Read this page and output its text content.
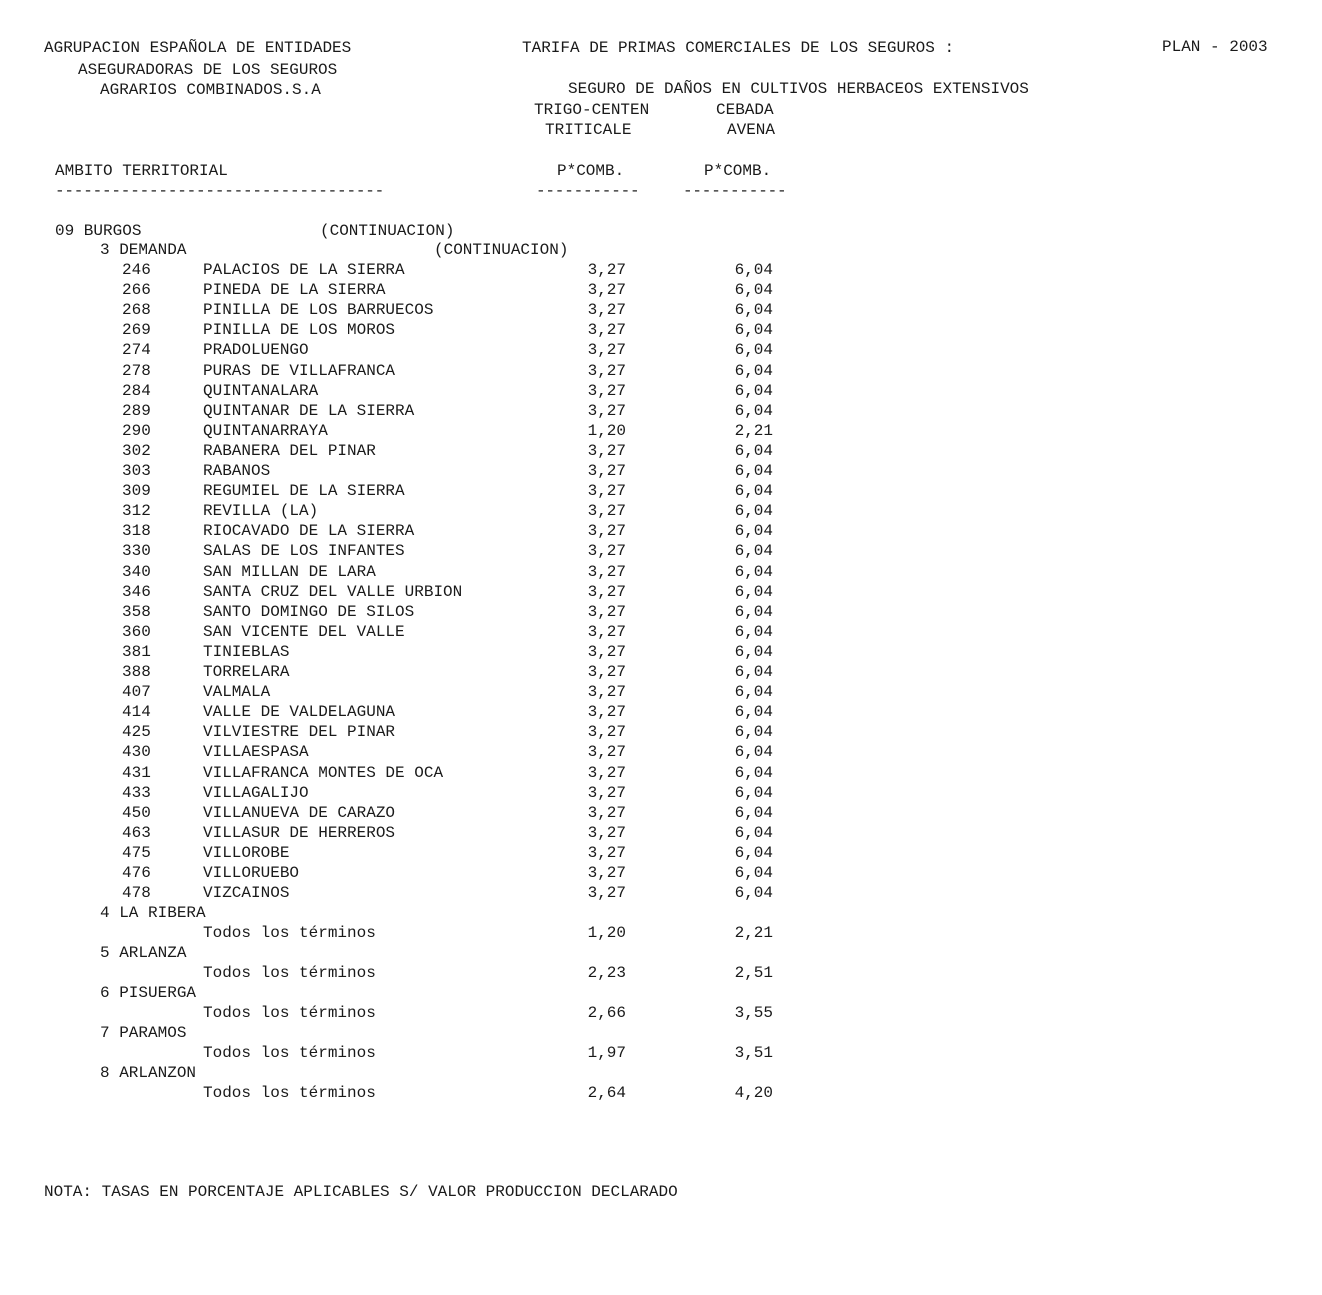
AGRUPACION ESPAÑOLA DE ENTIDADES
ASEGURADORAS DE LOS SEGUROS
AGRARIOS COMBINADOS.S.A
TARIFA DE PRIMAS COMERCIALES DE LOS SEGUROS :	PLAN - 2003
SEGURO DE DAÑOS EN CULTIVOS HERBACEOS EXTENSIVOS
TRIGO-CENTEN
TRITICALE
CEBADA
AVENA
AMBITO TERRITORIAL	P*COMB.	P*COMB.
-----------------------------------	-----------	-----------
09 BURGOS	(CONTINUACION)
3 DEMANDA	(CONTINUACION)
246	PALACIOS DE LA SIERRA	3,27	6,04
266	PINEDA DE LA SIERRA	3,27	6,04
268	PINILLA DE LOS BARRUECOS	3,27	6,04
269	PINILLA DE LOS MOROS	3,27	6,04
274	PRADOLUENGO	3,27	6,04
278	PURAS DE VILLAFRANCA	3,27	6,04
284	QUINTANALARA	3,27	6,04
289	QUINTANAR DE LA SIERRA	3,27	6,04
290	QUINTANARRAYA	1,20	2,21
302	RABANERA DEL PINAR	3,27	6,04
303	RABANOS	3,27	6,04
309	REGUMIEL DE LA SIERRA	3,27	6,04
312	REVILLA (LA)	3,27	6,04
318	RIOCAVADO DE LA SIERRA	3,27	6,04
330	SALAS DE LOS INFANTES	3,27	6,04
340	SAN MILLAN DE LARA	3,27	6,04
346	SANTA CRUZ DEL VALLE URBION	3,27	6,04
358	SANTO DOMINGO DE SILOS	3,27	6,04
360	SAN VICENTE DEL VALLE	3,27	6,04
381	TINIEBLAS	3,27	6,04
388	TORRELARA	3,27	6,04
407	VALMALA	3,27	6,04
414	VALLE DE VALDELAGUNA	3,27	6,04
425	VILVIESTRE DEL PINAR	3,27	6,04
430	VILLAESPASA	3,27	6,04
431	VILLAFRANCA MONTES DE OCA	3,27	6,04
433	VILLAGALIJO	3,27	6,04
450	VILLANUEVA DE CARAZO	3,27	6,04
463	VILLASUR DE HERREROS	3,27	6,04
475	VILLOROBE	3,27	6,04
476	VILLORUEBO	3,27	6,04
478	VIZCAINOS	3,27	6,04
4 LA RIBERA
Todos los términos	1,20	2,21
5 ARLANZA
Todos los términos	2,23	2,51
6 PISUERGA
Todos los términos	2,66	3,55
7 PARAMOS
Todos los términos	1,97	3,51
8 ARLANZON
Todos los términos	2,64	4,20
NOTA: TASAS EN PORCENTAJE APLICABLES S/ VALOR PRODUCCION DECLARADO
